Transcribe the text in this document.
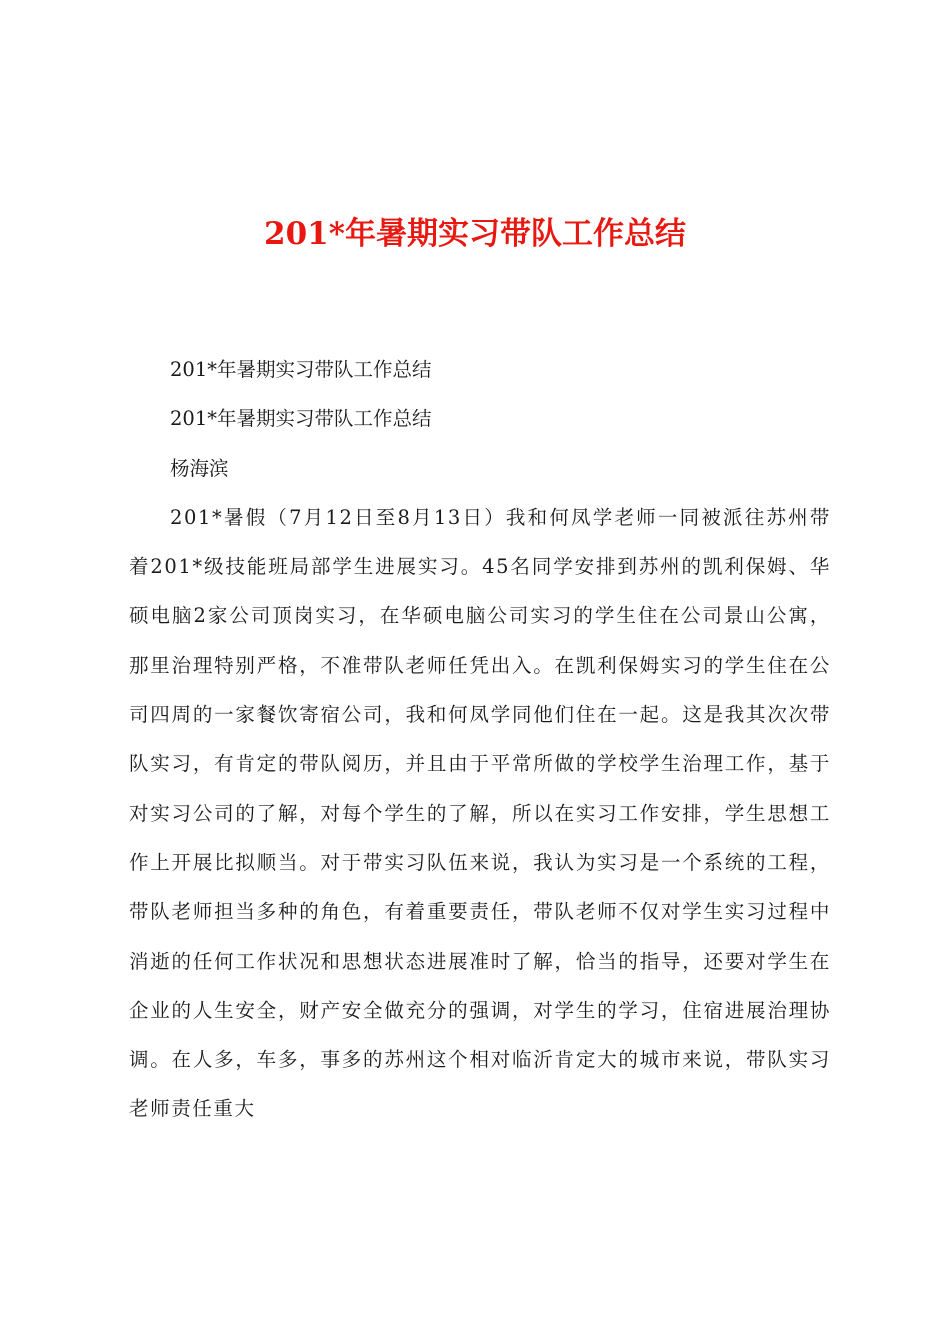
201*年暑期实习带队工作总结

201*年暑期实习带队工作总结

201*年暑期实习带队工作总结

杨海滨

201*暑假（7月12日至8月13日）我和何凤学老师一同被派往苏州带着201*级技能班局部学生进展实习。45名同学安排到苏州的凯利保姆、华硕电脑2家公司顶岗实习，在华硕电脑公司实习的学生住在公司景山公寓，那里治理特别严格，不准带队老师任凭出入。在凯利保姆实习的学生住在公司四周的一家餐饮寄宿公司，我和何凤学同他们住在一起。这是我其次次带队实习，有肯定的带队阅历，并且由于平常所做的学校学生治理工作，基于对实习公司的了解，对每个学生的了解，所以在实习工作安排，学生思想工作上开展比拟顺当。对于带实习队伍来说，我认为实习是一个系统的工程，带队老师担当多种的角色，有着重要责任，带队老师不仅对学生实习过程中消逝的任何工作状况和思想状态进展准时了解，恰当的指导，还要对学生在企业的人生安全，财产安全做充分的强调，对学生的学习，住宿进展治理协调。在人多，车多，事多的苏州这个相对临沂肯定大的城市来说，带队实习老师责任重大
